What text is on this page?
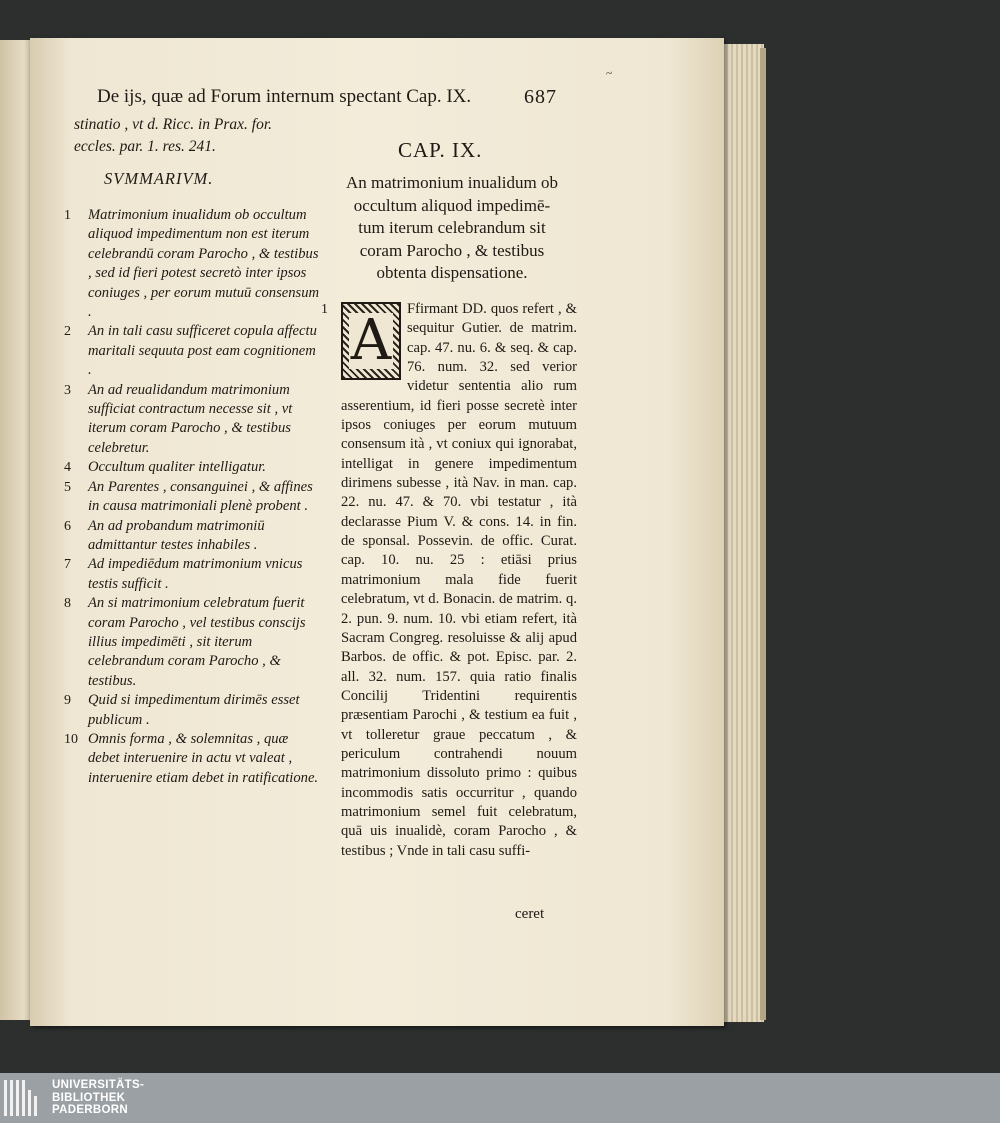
~
De ijs, quæ ad Forum internum spectant Cap. IX.	687
stinatio , vt d. Ricc. in Prax. for.
eccles. par. 1. res. 241.
SVMMARIVM.
CAP. IX.
An matrimonium inualidum ob
occultum aliquod impedimē-
tum iterum celebrandum sit
coram Parocho , & testibus
obtenta dispensatione.
1 Matrimonium inualidum ob occultum aliquod impedimentum non est iterum celebrandū coram Parocho , & testibus , sed id fieri potest secretò inter ipsos coniuges , per eorum mutuū consensum .
2 An in tali casu sufficeret copula affectu maritali sequuta post eam cognitionem .
3 An ad reualidandum matrimonium sufficiat contractum necesse sit , vt iterum coram Parocho , & testibus celebretur.
4 Occultum qualiter intelligatur.
5 An Parentes , consanguinei , & affines in causa matrimoniali plenè probent .
6 An ad probandum matrimoniū admittantur testes inhabiles .
7 Ad impediēdum matrimonium vnicus testis sufficit .
8 An si matrimonium celebratum fuerit coram Parocho , vel testibus conscijs illius impedimēti , sit iterum celebrandum coram Parocho , & testibus.
9 Quid si impedimentum dirimēs esset publicum .
10 Omnis forma , & solemnitas , quæ debet interuenire in actu vt valeat , interuenire etiam debet in ratificatione.
1 A Ffirmant DD. quos refert , & sequitur Gutier. de matrim. cap. 47. nu. 6. & seq. & cap. 76. num. 32. sed verior videtur sententia alio rum asserentium, id fieri posse secretè inter ipsos coniuges per eorum mutuum consensum ità , vt coniux qui ignorabat, intelligat in genere impedimentum dirimens subesse , ità Nav. in man. cap. 22. nu. 47. & 70. vbi testatur , ità declarasse Pium V. & cons. 14. in fin. de sponsal. Possevin. de offic. Curat. cap. 10. nu. 25 : etiāsi prius matrimonium mala fide fuerit celebratum, vt d. Bonacin. de matrim. q. 2. pun. 9. num. 10. vbi etiam refert, ità Sacram Congreg. resoluisse & alij apud Barbos. de offic. & pot. Episc. par. 2. all. 32. num. 157. quia ratio finalis Concilij Tridentini requirentis præsentiam Parochi , & testium ea fuit , vt tolleretur graue peccatum , & periculum contrahendi nouum matrimonium dissoluto primo : quibus incommodis satis occurritur , quando matrimonium semel fuit celebratum, quā uis inualidè, coram Parocho , & testibus ; Vnde in tali casu suffi-
ceret
UNIVERSITÄTS-
BIBLIOTHEK
PADERBORN
